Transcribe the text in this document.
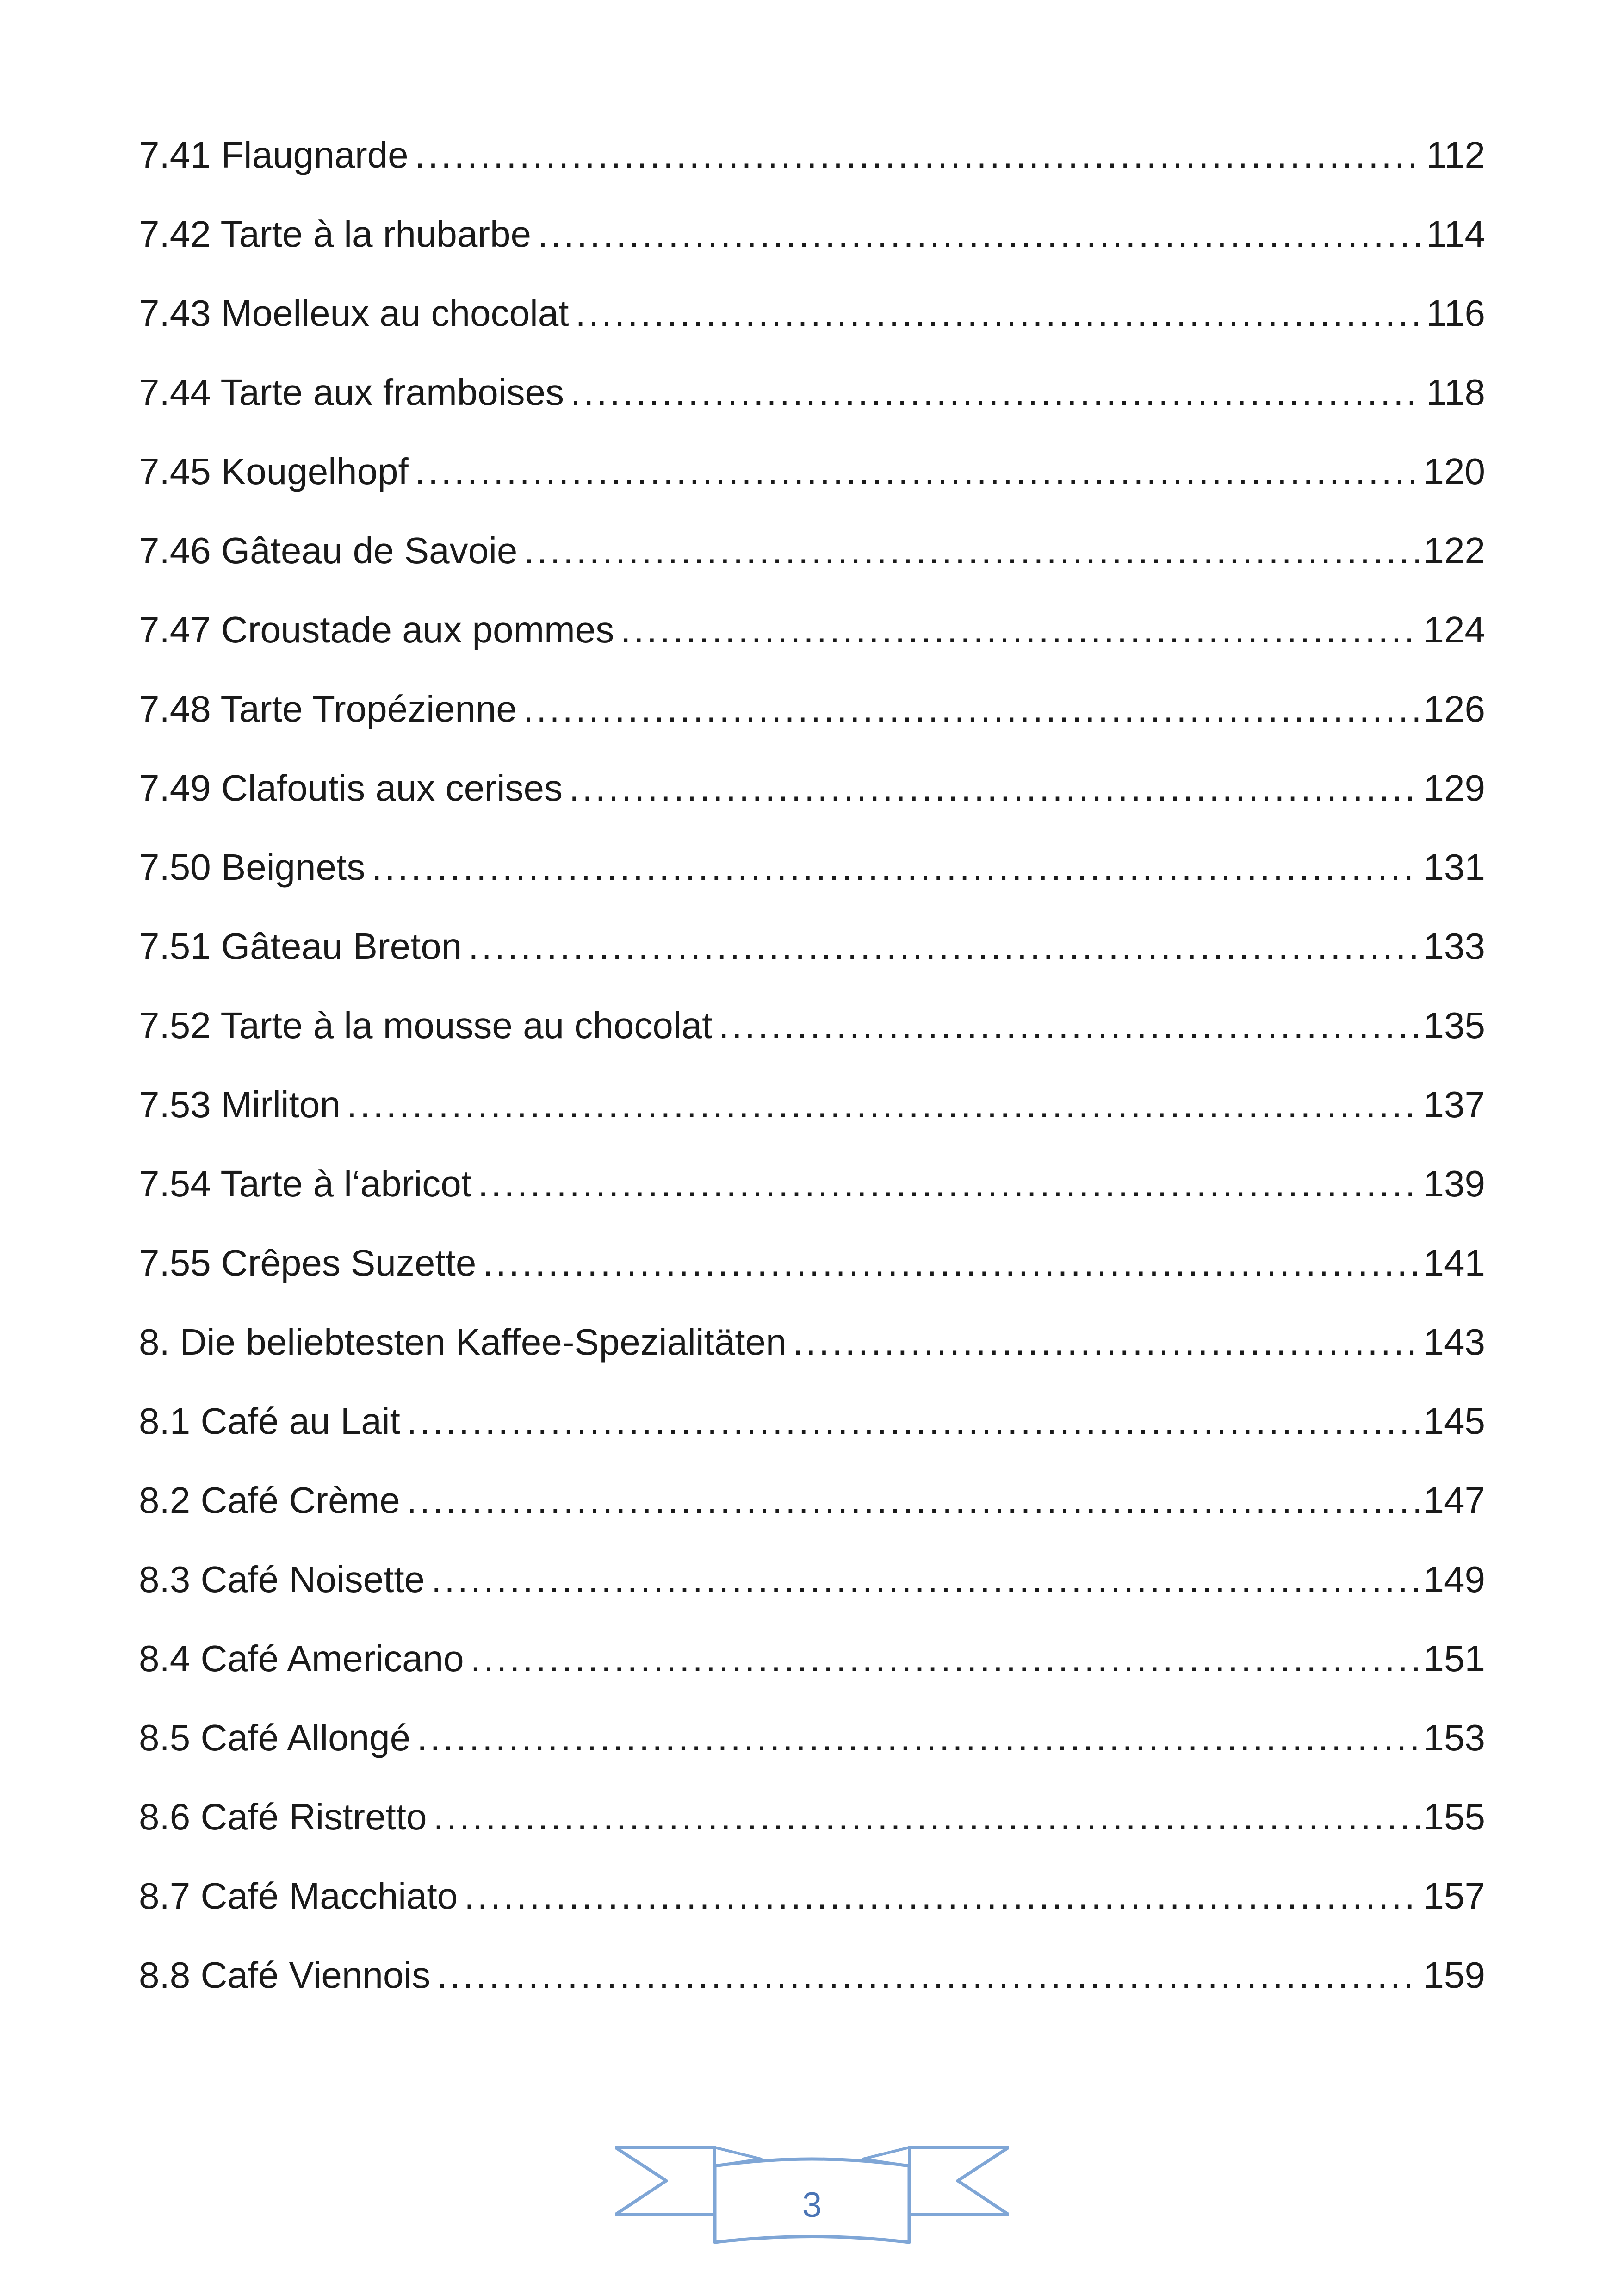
7.41 Flaugnarde .....	112
7.42 Tarte à la rhubarbe .....	114
7.43 Moelleux au chocolat .....	116
7.44 Tarte aux framboises .....	118
7.45 Kougelhopf .....	120
7.46 Gâteau de Savoie .....	122
7.47 Croustade aux pommes .....	124
7.48 Tarte Tropézienne .....	126
7.49 Clafoutis aux cerises .....	129
7.50 Beignets .....	131
7.51 Gâteau Breton .....	133
7.52 Tarte à la mousse au chocolat .....	135
7.53 Mirliton .....	137
7.54 Tarte à l‘abricot .....	139
7.55 Crêpes Suzette .....	141
8. Die beliebtesten Kaffee-Spezialitäten .....	143
8.1 Café au Lait .....	145
8.2 Café Crème .....	147
8.3 Café Noisette .....	149
8.4 Café Americano .....	151
8.5 Café Allongé .....	153
8.6 Café Ristretto .....	155
8.7 Café Macchiato .....	157
8.8 Café Viennois .....	159
3
